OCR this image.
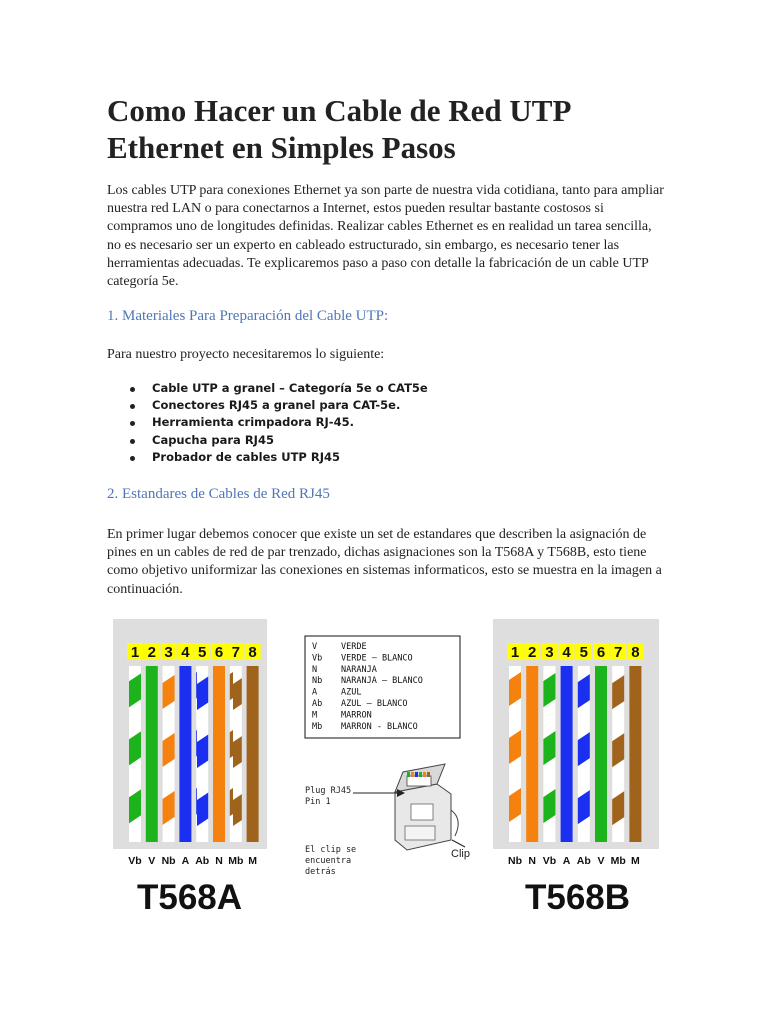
Como Hacer un Cable de Red UTP Ethernet en Simples Pasos

Los cables UTP para conexiones Ethernet ya son parte de nuestra vida cotidiana, tanto para ampliar nuestra red LAN o para conectarnos a Internet, estos pueden resultar bastante costosos si compramos uno de longitudes definidas. Realizar cables Ethernet es en realidad un tarea sencilla, no es necesario ser un experto en cableado estructurado, sin embargo, es necesario tener las herramientas adecuadas. Te explicaremos paso a paso con detalle la fabricación de un cable UTP categoría 5e.

1. Materiales Para Preparación del Cable UTP:

Para nuestro proyecto necesitaremos lo siguiente:

Cable UTP a granel – Categoría 5e o CAT5e
Conectores RJ45 a granel para CAT-5e.
Herramienta crimpadora RJ-45.
Capucha para RJ45
Probador de cables UTP RJ45
2. Estandares de Cables de Red RJ45

En primer lugar debemos conocer que existe un set de estandares que describen la asignación de pines en un cables de red de par trenzado, dichas asignaciones son la T568A y T568B, esto tiene como objetivo uniformizar las conexiones en sistemas informaticos, esto se muestra en la imagen a continuación.

1 2 3 4 5 6 7 8
Vb V Nb A Ab N Mb M
T568A
1 2 3 4 5 6 7 8
Nb N Vb A Ab V Mb M
T568B
V	VERDE
Vb VERDE – BLANCO
N	NARANJA
Nb NARANJA – BLANCO
A	AZUL
Ab AZUL – BLANCO
M	MARRON
Mb MARRON - BLANCO
Plug RJ45
Pin 1
Clip
El clip se
encuentra
detrás
